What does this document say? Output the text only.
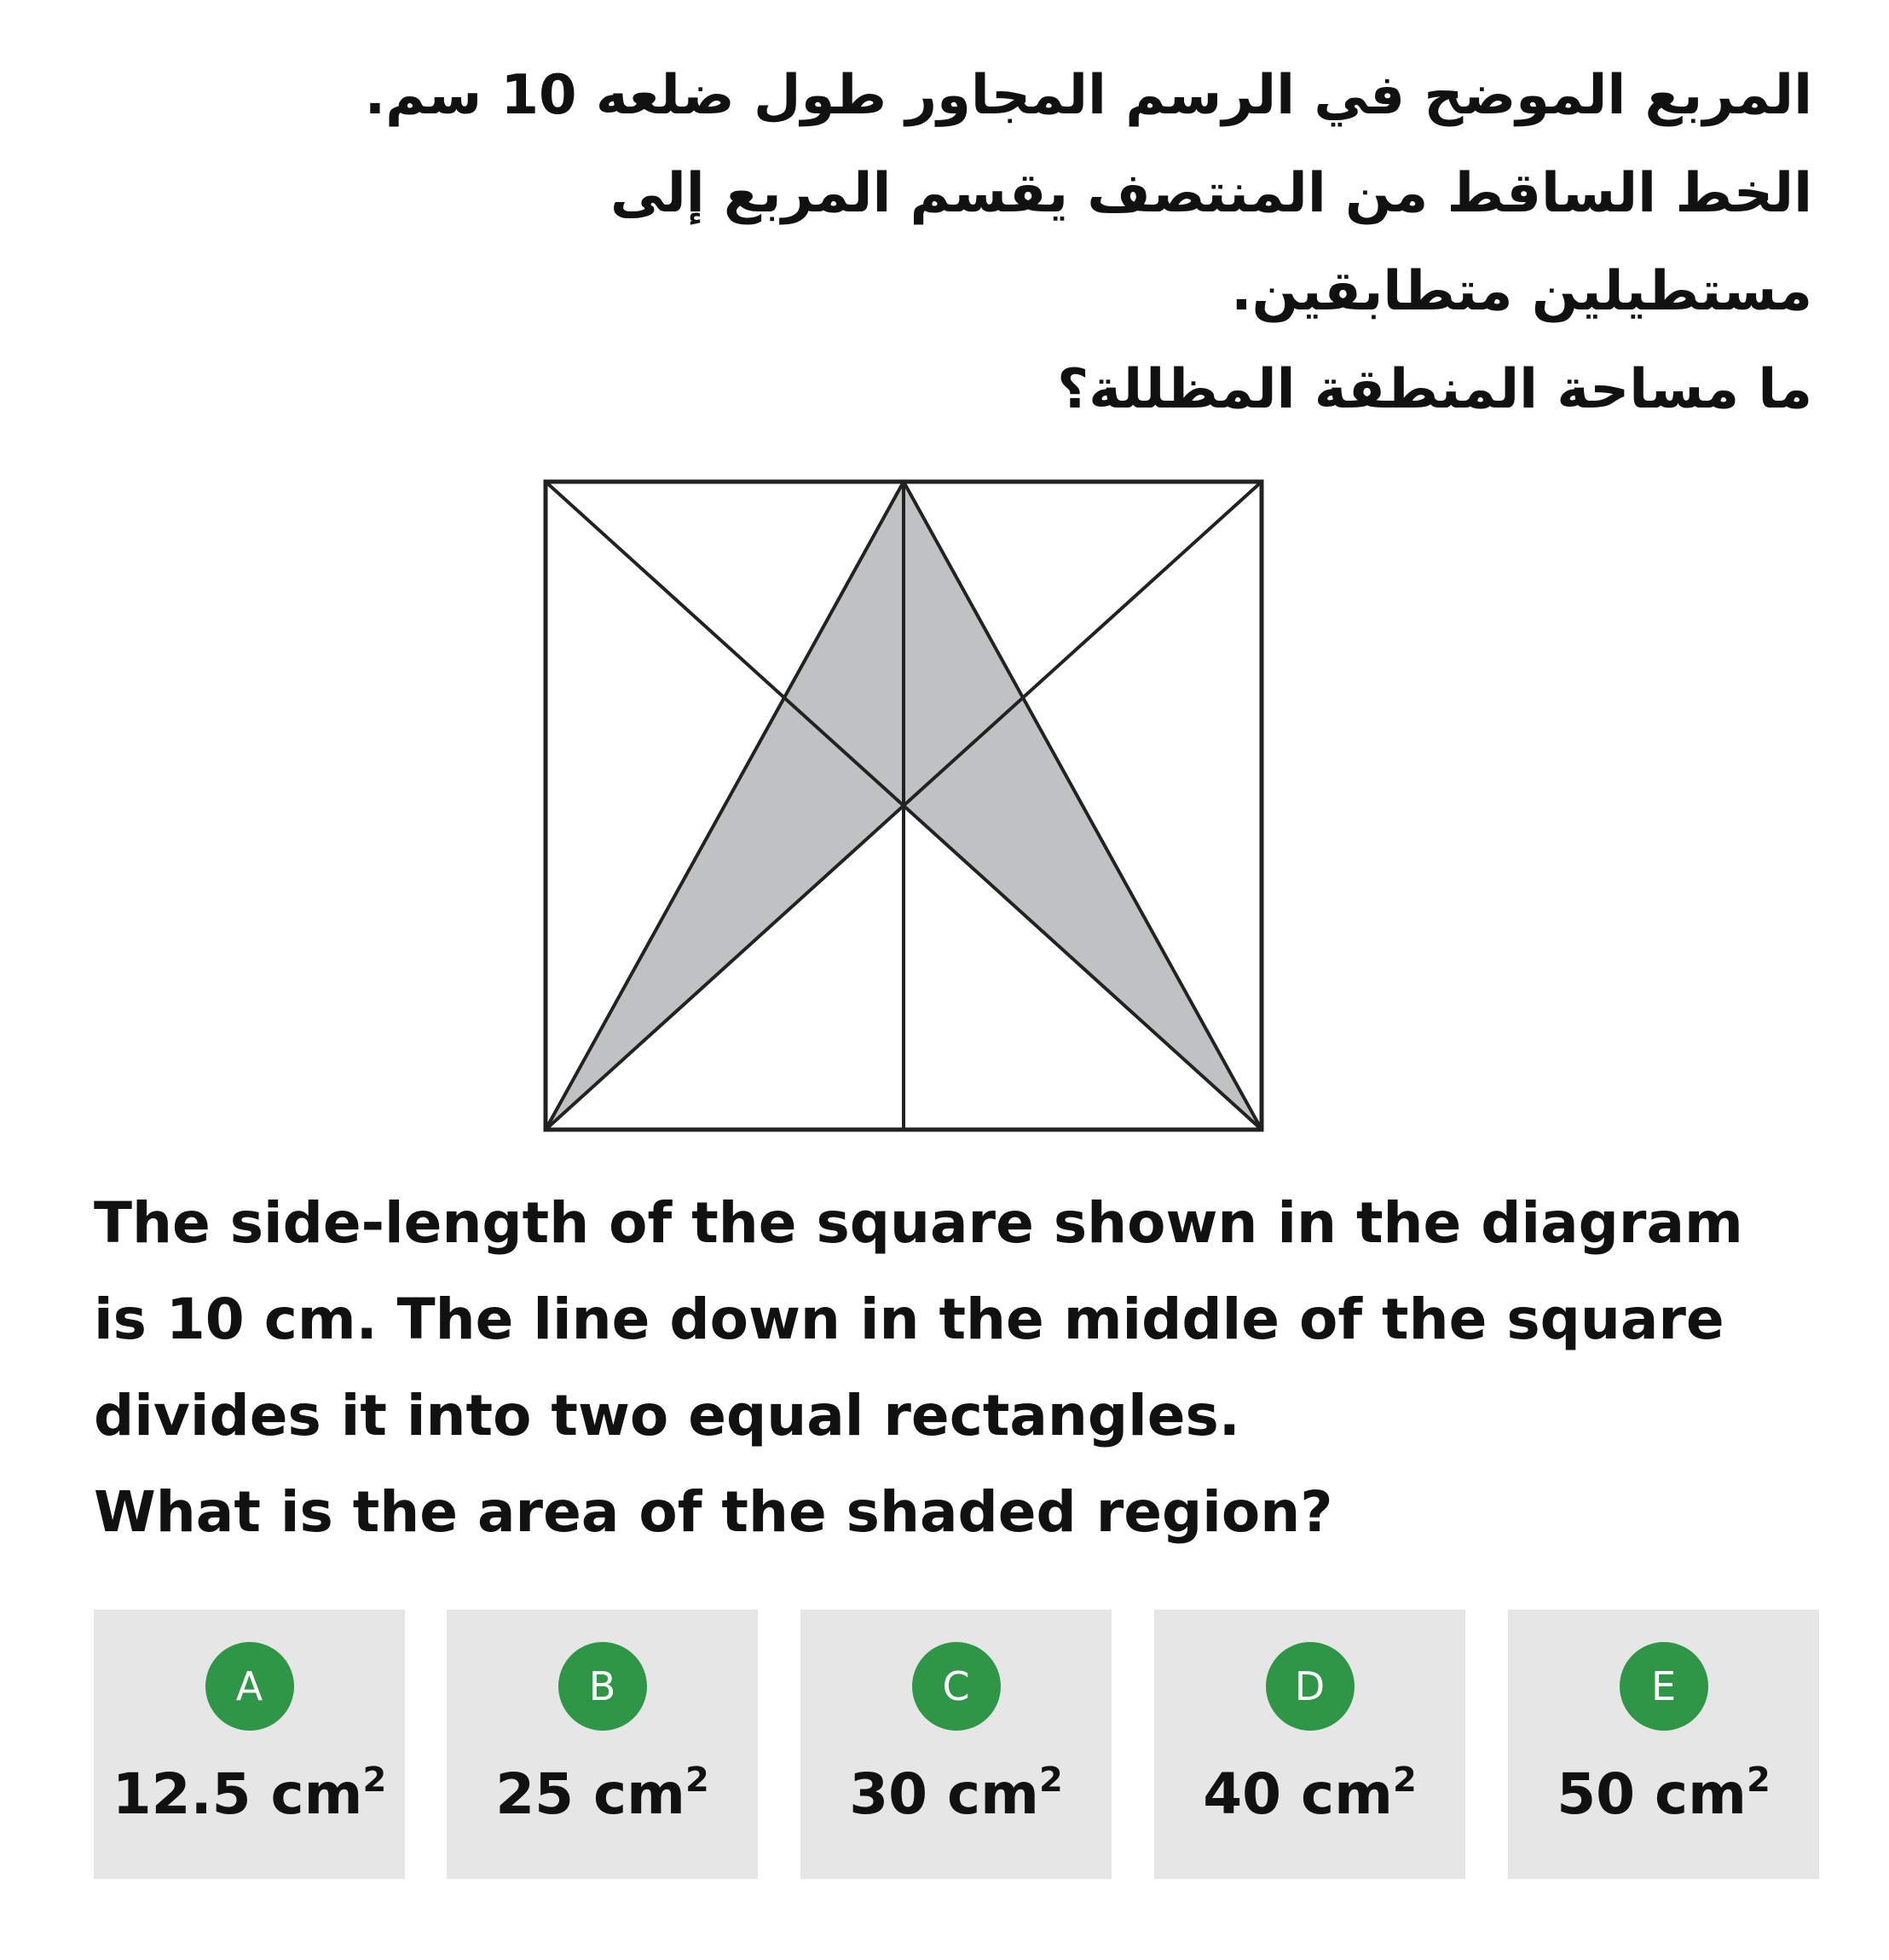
المربع الموضح في الرسم المجاور طول ضلعه 10 سم.
الخط الساقط من المنتصف يقسم المربع إلى
مستطيلين متطابقين.
ما مساحة المنطقة المظللة؟
The side-length of the square shown in the diagram
is 10 cm. The line down in the middle of the square
divides it into two equal rectangles.
What is the area of the shaded region?
A
12.5 $cm^2$
B
25 $cm^2$
C
30 $cm^2$
D
40 $cm^2$
E
50 $cm^2$
